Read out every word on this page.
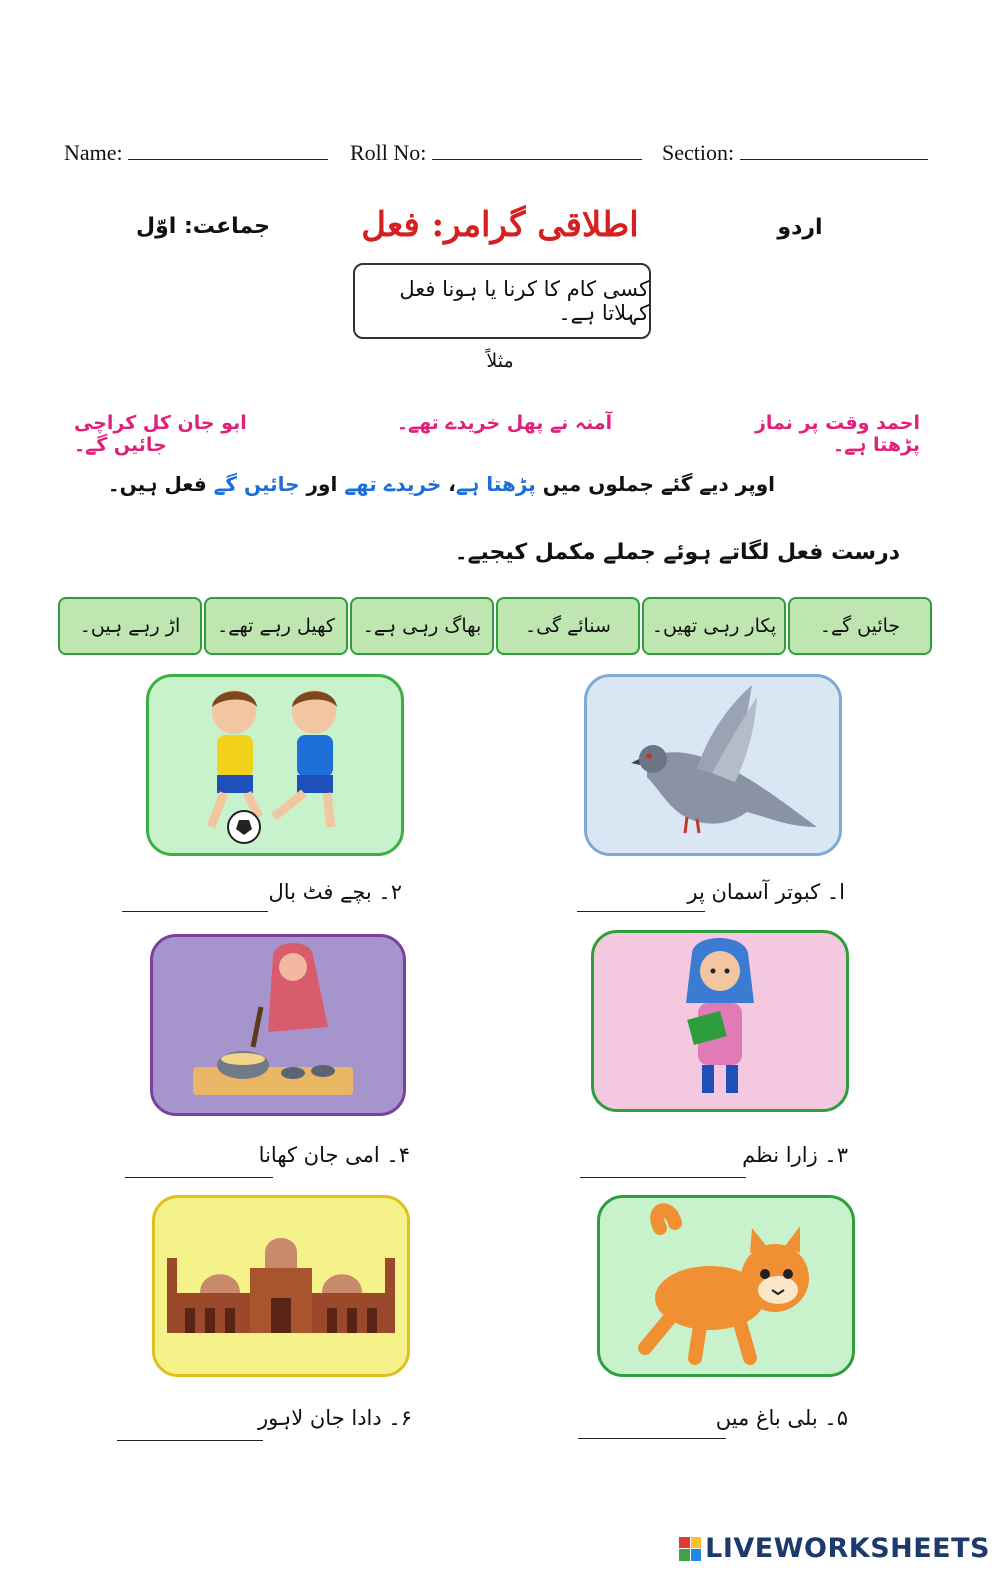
Name:	Roll No:	Section:
اردو
اطلاقی گرامر: فعل
جماعت: اوّل
کسی کام کا کرنا یا ہونا فعل کہلاتا ہے۔
مثلاً
احمد وقت پر نماز پڑھتا ہے۔
آمنہ نے پھل خریدے تھے۔
ابو جان کل کراچی جائیں گے۔
اوپر دیے گئے جملوں میں پڑھتا ہے، خریدے تھے اور جائیں گے فعل ہیں۔
درست فعل لگاتے ہوئے جملے مکمل کیجیے۔
جائیں گے۔
پکار رہی تھیں۔
سنائے گی۔
بھاگ رہی ہے۔
کھیل رہے تھے۔
اڑ رہے ہیں۔
ا۔ کبوتر آسمان پر
۲۔ بچے فٹ بال
۳۔ زارا نظم
۴۔ امی جان کھانا
۵۔ بلی باغ میں
۶۔ دادا جان لاہور
LIVEWORKSHEETS
